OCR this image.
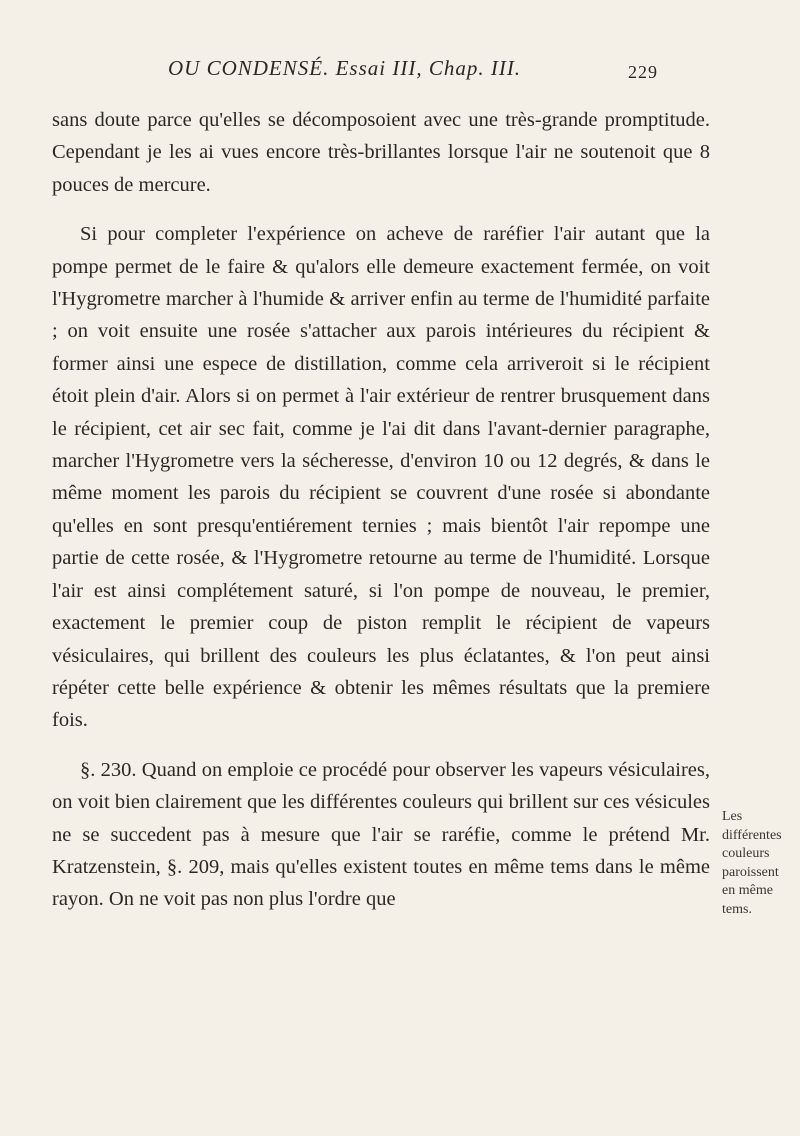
OU CONDENSÉ. Essai III, Chap. III.	229

sans doute parce qu'elles se décomposoient avec une très-grande promptitude. Cependant je les ai vues encore très-brillantes lorsque l'air ne soutenoit que 8 pouces de mercure.

Si pour completer l'expérience on acheve de raréfier l'air autant que la pompe permet de le faire & qu'alors elle demeure exactement fermée, on voit l'Hygrometre marcher à l'humide & arriver enfin au terme de l'humidité parfaite ; on voit ensuite une rosée s'attacher aux parois intérieures du récipient & former ainsi une espece de distillation, comme cela arriveroit si le récipient étoit plein d'air. Alors si on permet à l'air extérieur de rentrer brusquement dans le récipient, cet air sec fait, comme je l'ai dit dans l'avant-dernier paragraphe, marcher l'Hygrometre vers la sécheresse, d'environ 10 ou 12 degrés, & dans le même moment les parois du récipient se couvrent d'une rosée si abondante qu'elles en sont presqu'entiérement ternies ; mais bientôt l'air repompe une partie de cette rosée, & l'Hygrometre retourne au terme de l'humidité. Lorsque l'air est ainsi complétement saturé, si l'on pompe de nouveau, le premier, exactement le premier coup de piston remplit le récipient de vapeurs vésiculaires, qui brillent des couleurs les plus éclatantes, & l'on peut ainsi répéter cette belle expérience & obtenir les mêmes résultats que la premiere fois.

§. 230. Quand on emploie ce procédé pour observer les vapeurs vésiculaires, on voit bien clairement que les différentes couleurs qui brillent sur ces vésicules ne se succedent pas à mesure que l'air se raréfie, comme le prétend Mr. Kratzenstein, §. 209, mais qu'elles existent toutes en même tems dans le même rayon. On ne voit pas non plus l'ordre que

Les différentes couleurs paroissent en même tems.
